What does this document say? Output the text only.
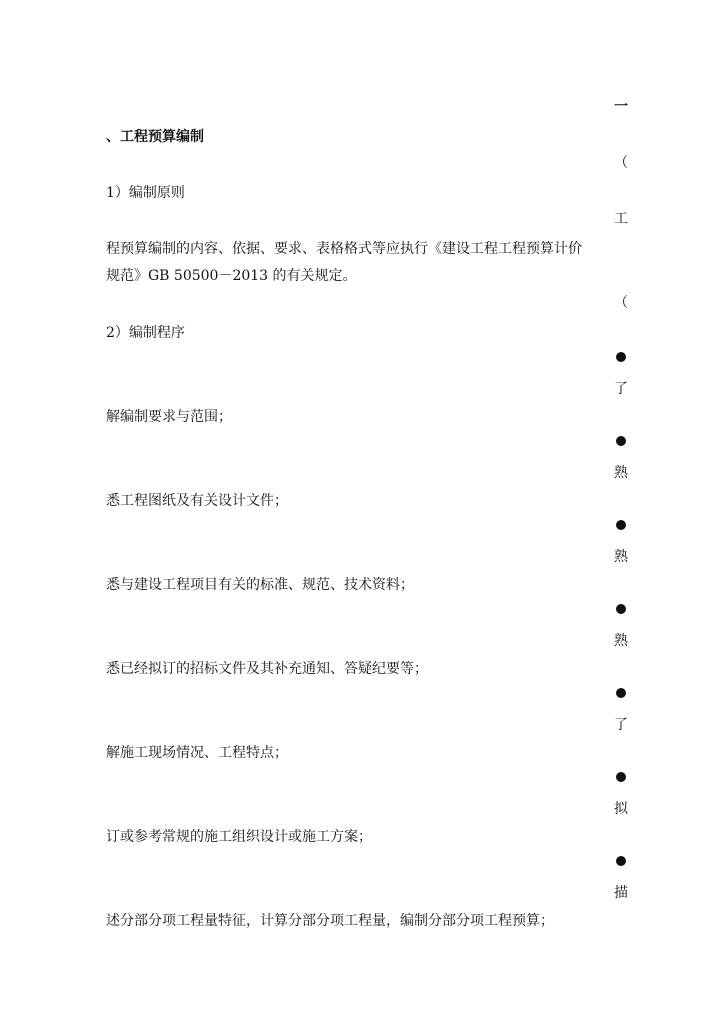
一
、工程预算编制
（
1）编制原则
工
程预算编制的内容、依据、要求、表格格式等应执行《建设工程工程预算计价
规范》GB 50500－2013 的有关规定。
（
2）编制程序
了
解编制要求与范围；
熟
悉工程图纸及有关设计文件；
熟
悉与建设工程项目有关的标准、规范、技术资料；
熟
悉已经拟订的招标文件及其补充通知、答疑纪要等；
了
解施工现场情况、工程特点；
拟
订或参考常规的施工组织设计或施工方案；
描
述分部分项工程量特征，计算分部分项工程量，编制分部分项工程预算；
